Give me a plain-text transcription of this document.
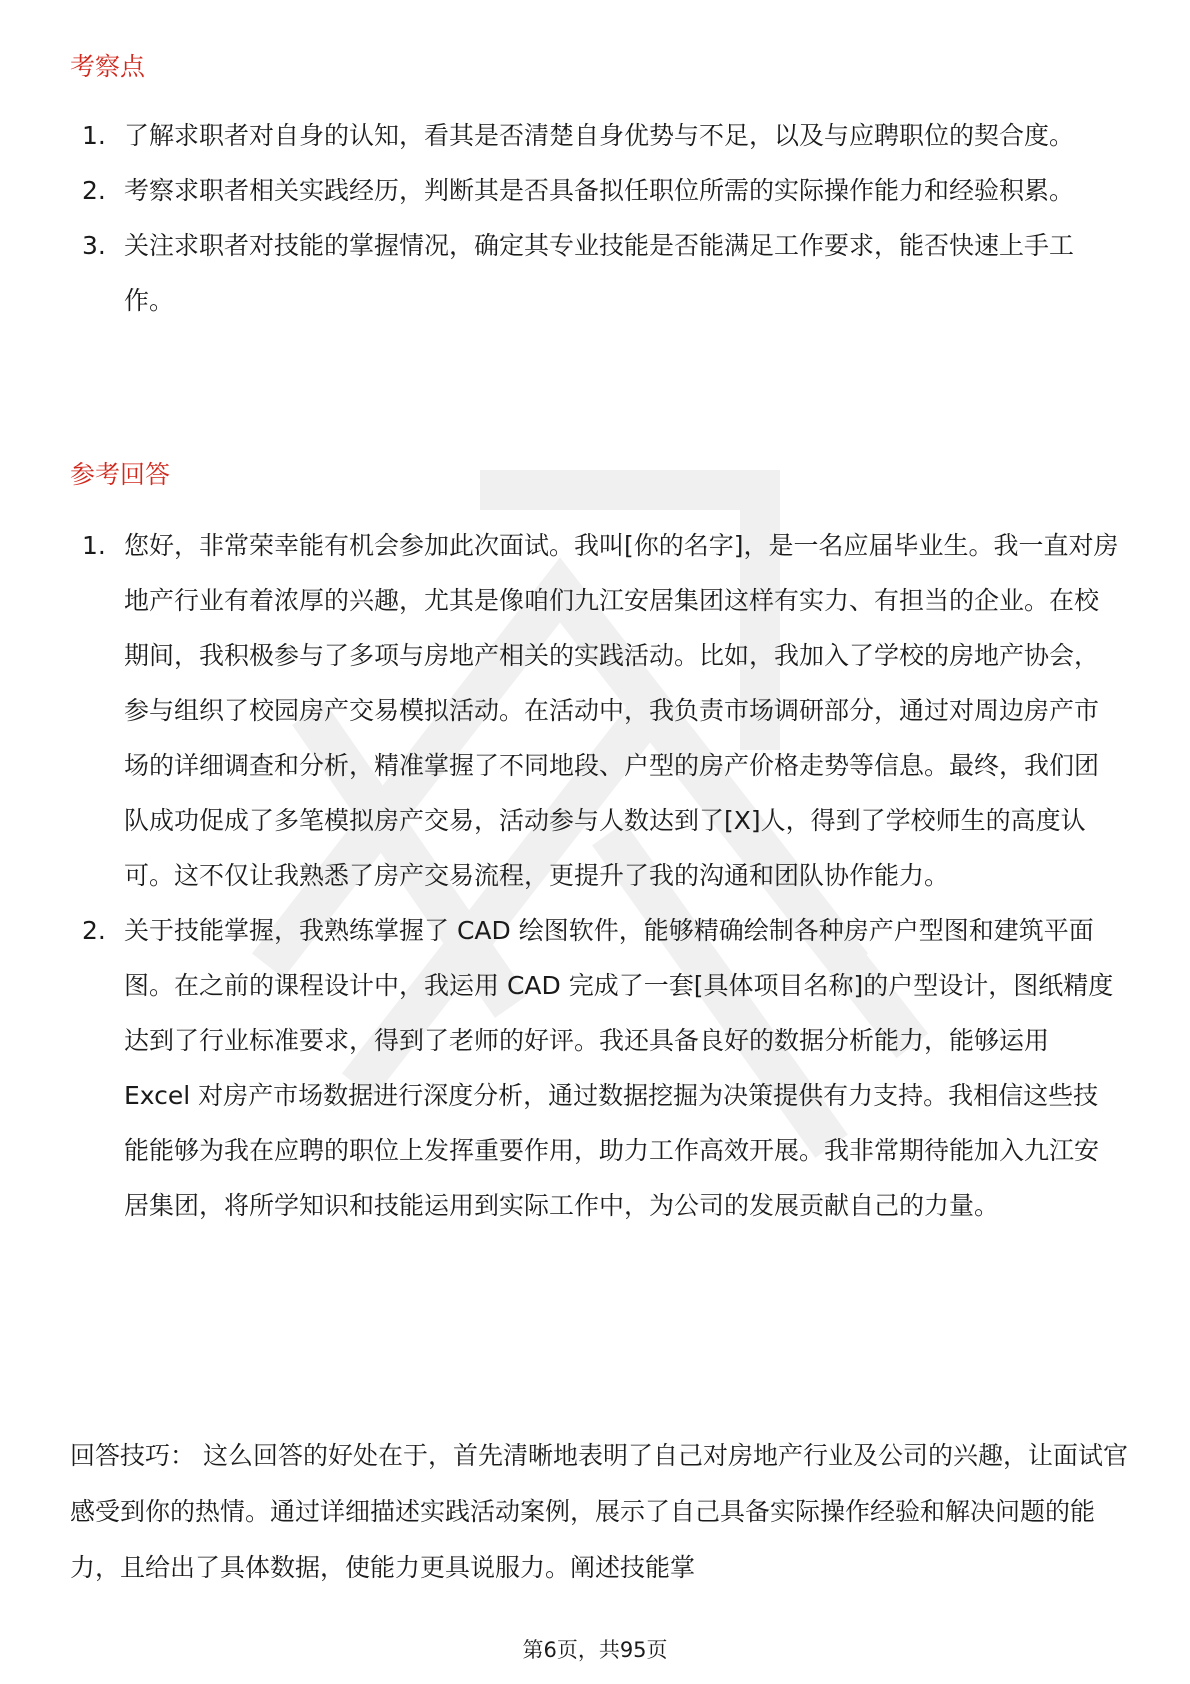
考察点
1. 了解求职者对自身的认知，看其是否清楚自身优势与不足，以及与应聘职位的契合度。
2. 考察求职者相关实践经历，判断其是否具备拟任职位所需的实际操作能力和经验积累。
3. 关注求职者对技能的掌握情况，确定其专业技能是否能满足工作要求，能否快速上手工作。
参考回答
1. 您好，非常荣幸能有机会参加此次面试。我叫[你的名字]，是一名应届毕业生。我一直对房地产行业有着浓厚的兴趣，尤其是像咱们九江安居集团这样有实力、有担当的企业。在校期间，我积极参与了多项与房地产相关的实践活动。比如，我加入了学校的房地产协会，参与组织了校园房产交易模拟活动。在活动中，我负责市场调研部分，通过对周边房产市场的详细调查和分析，精准掌握了不同地段、户型的房产价格走势等信息。最终，我们团队成功促成了多笔模拟房产交易，活动参与人数达到了[X]人，得到了学校师生的高度认可。这不仅让我熟悉了房产交易流程，更提升了我的沟通和团队协作能力。
2. 关于技能掌握，我熟练掌握了 CAD 绘图软件，能够精确绘制各种房产户型图和建筑平面图。在之前的课程设计中，我运用 CAD 完成了一套[具体项目名称]的户型设计，图纸精度达到了行业标准要求，得到了老师的好评。我还具备良好的数据分析能力，能够运用 Excel 对房产市场数据进行深度分析，通过数据挖掘为决策提供有力支持。我相信这些技能能够为我在应聘的职位上发挥重要作用，助力工作高效开展。我非常期待能加入九江安居集团，将所学知识和技能运用到实际工作中，为公司的发展贡献自己的力量。

回答技巧： 这么回答的好处在于，首先清晰地表明了自己对房地产行业及公司的兴趣，让面试官感受到你的热情。通过详细描述实践活动案例，展示了自己具备实际操作经验和解决问题的能力，且给出了具体数据，使能力更具说服力。阐述技能掌

第6页，共95页
